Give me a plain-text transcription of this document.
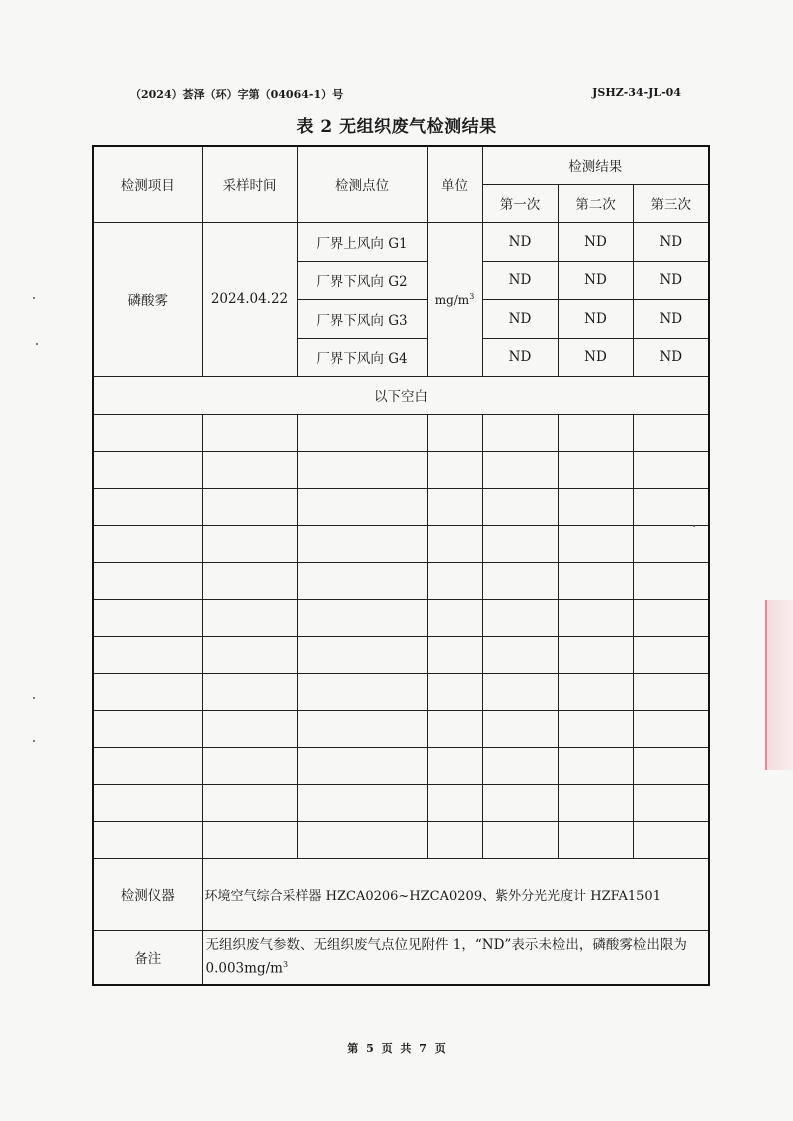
（2024）荟泽（环）字第（04064-1）号	JSHZ-34-JL-04
表 2 无组织废气检测结果
检测项目	采样时间	检测点位	单位	检测结果		
				第一次	第二次	第三次
磷酸雾	2024.04.22	厂界上风向 G1	$mg/m^3$	ND	ND	ND
		厂界下风向 G2		ND	ND	ND
		厂界下风向 G3		ND	ND	ND
		厂界下风向 G4		ND	ND	ND
以下空白						

检测仪器	环境空气综合采样器 HZCA0206~HZCA0209、紫外分光光度计 HZFA1501					
备注	无组织废气参数、无组织废气点位见附件 1，“ND”表示未检出，磷酸雾检出限为 $0.003mg/m^3$
第 5 页 共 7 页
